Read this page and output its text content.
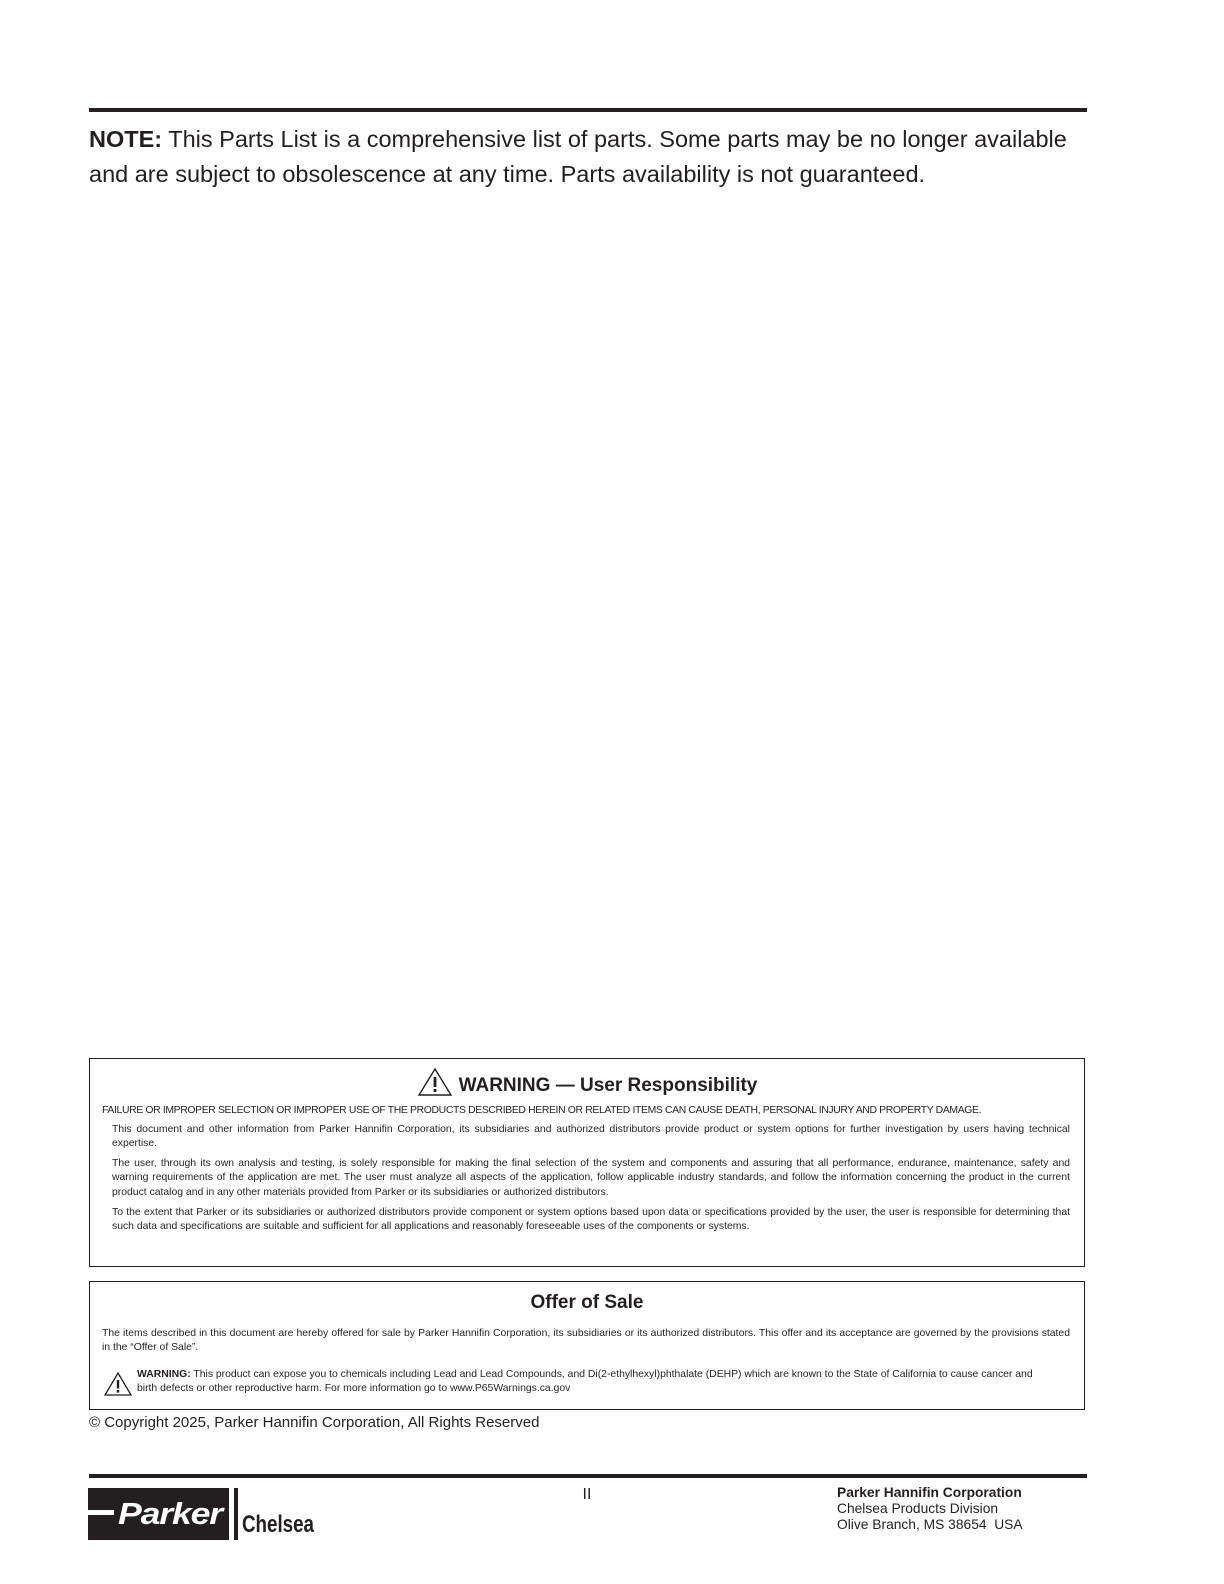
NOTE: This Parts List is a comprehensive list of parts. Some parts may be no longer available and are subject to obsolescence at any time. Parts availability is not guaranteed.
WARNING — User Responsibility
FAILURE OR IMPROPER SELECTION OR IMPROPER USE OF THE PRODUCTS DESCRIBED HEREIN OR RELATED ITEMS CAN CAUSE DEATH, PERSONAL INJURY AND PROPERTY DAMAGE.
This document and other information from Parker Hannifin Corporation, its subsidiaries and authorized distributors provide product or system options for further investigation by users having technical expertise.
The user, through its own analysis and testing, is solely responsible for making the final selection of the system and components and assuring that all performance, endurance, maintenance, safety and warning requirements of the application are met. The user must analyze all aspects of the application, follow applicable industry standards, and follow the information concerning the product in the current product catalog and in any other materials provided from Parker or its subsidiaries or authorized distributors.
To the extent that Parker or its subsidiaries or authorized distributors provide component or system options based upon data or specifications provided by the user, the user is responsible for determining that such data and specifications are suitable and sufficient for all applications and reasonably foreseeable uses of the components or systems.
Offer of Sale
The items described in this document are hereby offered for sale by Parker Hannifin Corporation, its subsidiaries or its authorized distributors. This offer and its acceptance are governed by the provisions stated in the “Offer of Sale”.
WARNING: This product can expose you to chemicals including Lead and Lead Compounds, and Di(2-ethylhexyl)phthalate (DEHP) which are known to the State of California to cause cancer and birth defects or other reproductive harm. For more information go to www.P65Warnings.ca.gov
© Copyright 2025, Parker Hannifin Corporation, All Rights Reserved
Parker Chelsea
II	Parker Hannifin Corporation
Chelsea Products Division
Olive Branch, MS 38654  USA
